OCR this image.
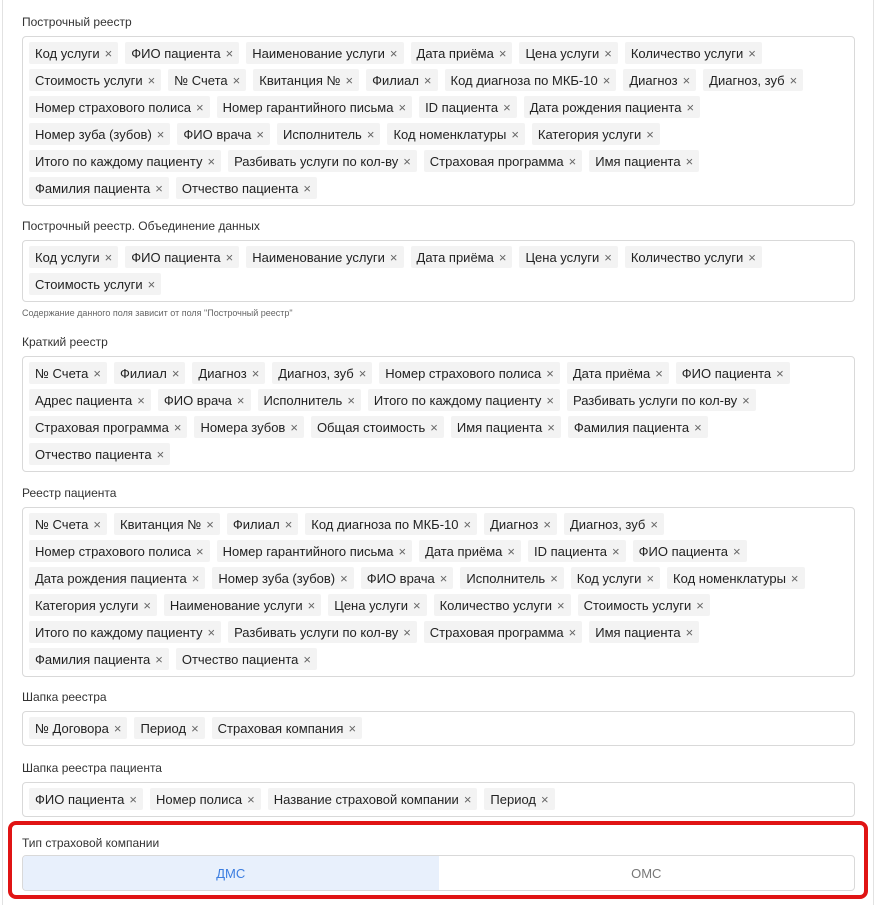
Построчный реестр
Код услуги × ФИО пациента × Наименование услуги × Дата приёма × Цена услуги × Количество услуги ×
Стоимость услуги × № Счета × Квитанция № × Филиал × Код диагноза по МКБ-10 × Диагноз × Диагноз, зуб ×
Номер страхового полиса × Номер гарантийного письма × ID пациента × Дата рождения пациента ×
Номер зуба (зубов) × ФИО врача × Исполнитель × Код номенклатуры × Категория услуги ×
Итого по каждому пациенту × Разбивать услуги по кол-ву × Страховая программа × Имя пациента ×
Фамилия пациента × Отчество пациента ×
Построчный реестр. Объединение данных
Код услуги × ФИО пациента × Наименование услуги × Дата приёма × Цена услуги × Количество услуги ×
Стоимость услуги ×
Содержание данного поля зависит от поля "Построчный реестр"
Краткий реестр
№ Счета × Филиал × Диагноз × Диагноз, зуб × Номер страхового полиса × Дата приёма × ФИО пациента ×
Адрес пациента × ФИО врача × Исполнитель × Итого по каждому пациенту × Разбивать услуги по кол-ву ×
Страховая программа × Номера зубов × Общая стоимость × Имя пациента × Фамилия пациента ×
Отчество пациента ×
Реестр пациента
№ Счета × Квитанция № × Филиал × Код диагноза по МКБ-10 × Диагноз × Диагноз, зуб ×
Номер страхового полиса × Номер гарантийного письма × Дата приёма × ID пациента × ФИО пациента ×
Дата рождения пациента × Номер зуба (зубов) × ФИО врача × Исполнитель × Код услуги × Код номенклатуры ×
Категория услуги × Наименование услуги × Цена услуги × Количество услуги × Стоимость услуги ×
Итого по каждому пациенту × Разбивать услуги по кол-ву × Страховая программа × Имя пациента ×
Фамилия пациента × Отчество пациента ×
Шапка реестра
№ Договора × Период × Страховая компания ×
Шапка реестра пациента
ФИО пациента × Номер полиса × Название страховой компании × Период ×
Тип страховой компании
ДМС	ОМС
